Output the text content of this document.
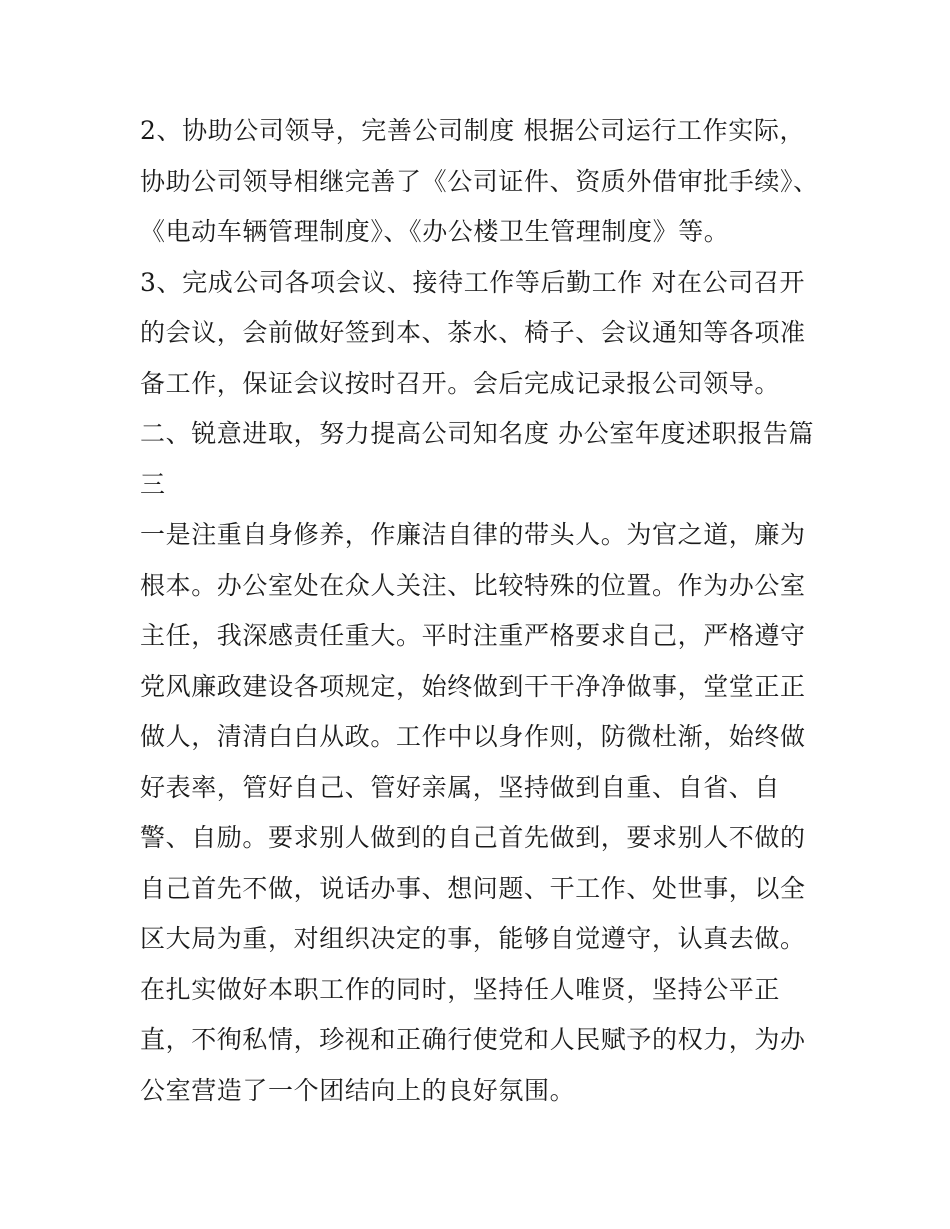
2、协助公司领导，完善公司制度 根据公司运行工作实际，协助公司领导相继完善了《公司证件、资质外借审批手续》、《电动车辆管理制度》、《办公楼卫生管理制度》等。

3、完成公司各项会议、接待工作等后勤工作 对在公司召开的会议，会前做好签到本、茶水、椅子、会议通知等各项准备工作，保证会议按时召开。会后完成记录报公司领导。

二、锐意进取，努力提高公司知名度 办公室年度述职报告篇三

一是注重自身修养，作廉洁自律的带头人。为官之道，廉为根本。办公室处在众人关注、比较特殊的位置。作为办公室主任，我深感责任重大。平时注重严格要求自己，严格遵守党风廉政建设各项规定，始终做到干干净净做事，堂堂正正做人，清清白白从政。工作中以身作则，防微杜渐，始终做好表率，管好自己、管好亲属，坚持做到自重、自省、自警、自励。要求别人做到的自己首先做到，要求别人不做的自己首先不做，说话办事、想问题、干工作、处世事，以全区大局为重，对组织决定的事，能够自觉遵守，认真去做。在扎实做好本职工作的同时，坚持任人唯贤，坚持公平正直，不徇私情，珍视和正确行使党和人民赋予的权力，为办公室营造了一个团结向上的良好氛围。
